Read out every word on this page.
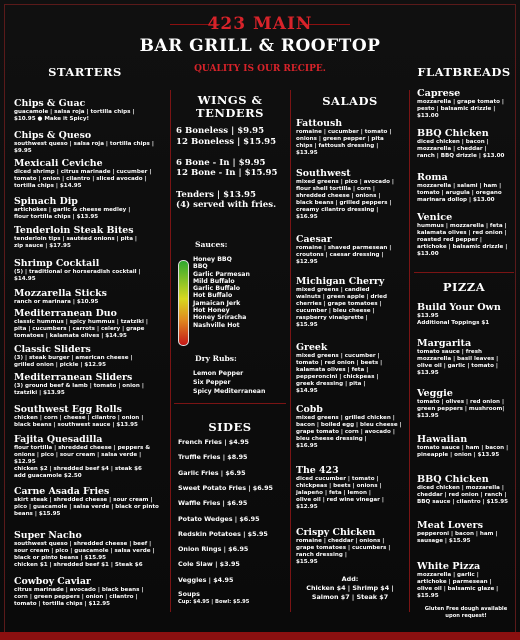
423 MAIN
BAR GRILL & ROOFTOP
QUALITY IS OUR RECIPE.
STARTERS
Chips & Guac
guacamole | salsa roja | tortilla chips |
$10.95 ● Make it Spicy!
Chips & Queso
southwest queso | salsa roja | tortilla chips |
$9.95
Mexicali Ceviche
diced shrimp | citrus marinade | cucumber |
tomato | onion | cilantro | sliced avocado |
tortilla chips | $14.95
Spinach Dip
artichokes | garlic & cheese medley |
flour tortilla chips | $13.95
Tenderloin Steak Bites
tenderloin tips | sautéed onions | pita |
zip sauce | $17.95
Shrimp Cocktail
(5) | traditional or horseradish cocktail |
$14.95
Mozzarella Sticks
ranch or marinara | $10.95
Mediterranean Duo
classic hummus | spicy hummus | tzatziki |
pita | cucumbers | carrots | celery | grape
tomatoes | kalamata olives | $14.95
Classic Sliders
(3) | steak burger | american cheese |
grilled onion | pickle | $12.95
Mediterranean Sliders
(3) ground beef & lamb | tomato | onion |
tzatziki | $13.95
Southwest Egg Rolls
chicken | corn | cheese | cilantro | onion |
black beans | southwest sauce | $13.95
Fajita Quesadilla
flour tortilla | shredded cheese | peppers &
onions | pico | sour cream | salsa verde |
$12.95
chicken $2 | shredded beef $4 | steak $6
add guacamole $2.50
Carne Asada Fries
skirt steak | shredded cheese | sour cream |
pico | guacamole | salsa verde | black or pinto
beans | $15.95
Super Nacho
southwest queso | shredded cheese | beef |
sour cream | pico | guacamole | salsa verde |
black or pinto beans | $15.95
chicken $1 | shredded beef $1 | Steak $6
Cowboy Caviar
citrus marinade | avocado | black beans |
corn | green peppers | onion | cilantro |
tomato | tortilla chips | $12.95
WINGS &
TENDERS
6 Boneless | $9.95
12 Boneless | $15.95
6 Bone - In | $9.95
12 Bone - In | $15.95
Tenders | $13.95
(4) served with fries.
Sauces:
Honey BBQ
BBQ
Garlic Parmesan
Mild Buffalo
Garlic Buffalo
Hot Buffalo
Jamaican Jerk
Hot Honey
Honey Sriracha
Nashville Hot
Dry Rubs:
Lemon Pepper
Six Pepper
Spicy Mediterranean
SIDES
French Fries | $4.95
Truffle Fries | $8.95
Garlic Fries | $6.95
Sweet Potato Fries | $6.95
Waffle Fries | $6.95
Potato Wedges | $6.95
Redskin Potatoes | $5.95
Onion Rings | $6.95
Cole Slaw | $3.95
Veggies | $4.95
Soups
Cup: $4.95 | Bowl: $5.95
SALADS
Fattoush
romaine | cucumber | tomato |
onions | green pepper | pita
chips | fattoush dressing |
$13.95
Southwest
mixed greens | pico | avocado |
flour shell tortilla | corn |
shredded cheese | onions |
black beans | grilled peppers |
creamy cilantro dressing |
$16.95
Caesar
romaine | shaved parmesean |
croutons | caesar dressing |
$12.95
Michigan Cherry
mixed greens | candied
walnuts | green apple | dried
cherries | grape tomatoes |
cucumber | bleu cheese |
raspberry vinaigrette |
$15.95
Greek
mixed greens | cucumber |
tomato | red onion | beets |
kalamata olives | feta |
pepperoncini | chickpeas |
greek dressing | pita |
$14.95
Cobb
mixed greens | grilled chicken |
bacon | boiled egg | bleu cheese |
grape tomato | corn | avocado |
bleu cheese dressing |
$16.95
The 423
diced cucumber | tomato |
chickpeas | beets | onions |
jalapeño | feta | lemon |
olive oil | red wine vinegar |
$12.95
Crispy Chicken
romaine | cheddar | onions |
grape tomatoes | cucumbers |
ranch dressing |
$15.95
Add:
Chicken $4 | Shrimp $4 |
Salmon $7 | Steak $7
FLATBREADS
Caprese
mozzarella | grape tomato |
pesto | balsamic drizzle |
$13.00
BBQ Chicken
diced chicken | bacon |
mozzarella | cheddar |
ranch | BBQ drizzle | $13.00
Roma
mozzarella | salami | ham |
tomato | arugula | oregano
marinara dollop | $13.00
Venice
hummus | mozzarella | feta |
kalamata olives | red onion |
roasted red pepper |
artichoke | balsamic drizzle |
$13.00
PIZZA
Build Your Own
$13.95
Additional Toppings $1
Margarita
tomato sauce | fresh
mozzarella | basil leaves |
olive oil | garlic | tomato |
$13.95
Veggie
tomato | olives | red onion |
green peppers | mushroom|
$13.95
Hawaiian
tomato sauce | ham | bacon |
pineapple | onion | $13.95
BBQ Chicken
diced chicken | mozzarella |
cheddar | red onion | ranch |
BBQ sauce | cilantro | $15.95
Meat Lovers
pepperoni | bacon | ham |
sausage | $15.95
White Pizza
mozzarella | garlic |
artichoke | parmesean |
olive oil | balsamic glaze |
$15.95
Gluten Free dough available
upon request!
